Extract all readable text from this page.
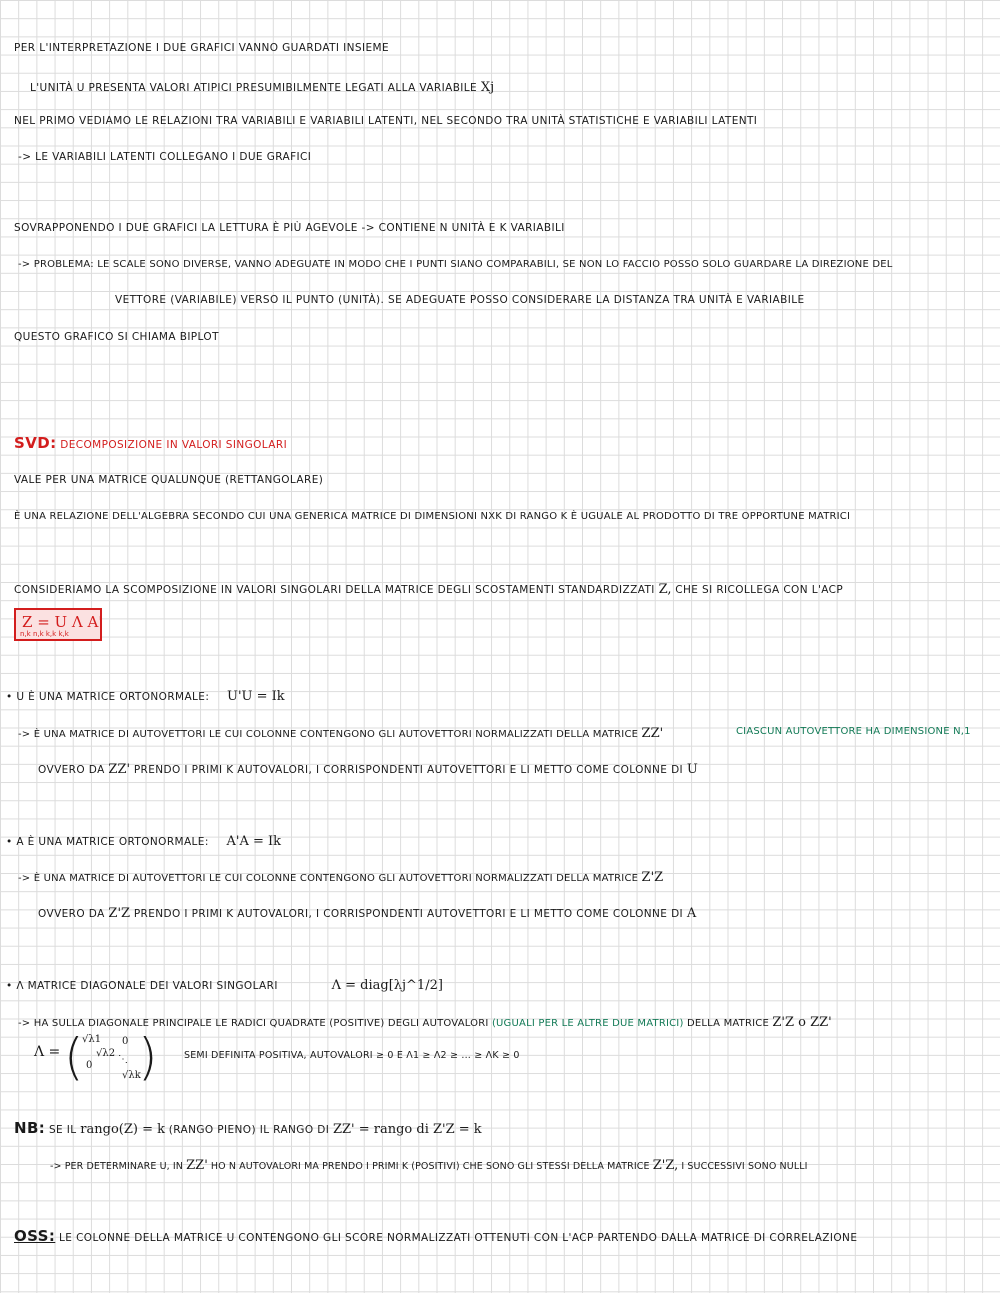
PER L'INTERPRETAZIONE I DUE GRAFICI VANNO GUARDATI INSIEME
L'UNITÀ U PRESENTA VALORI ATIPICI PRESUMIBILMENTE LEGATI ALLA VARIABILE Xj
NEL PRIMO VEDIAMO LE RELAZIONI TRA VARIABILI E VARIABILI LATENTI, NEL SECONDO TRA UNITÀ STATISTICHE E VARIABILI LATENTI
-> LE VARIABILI LATENTI COLLEGANO I DUE GRAFICI
SOVRAPPONENDO I DUE GRAFICI LA LETTURA È PIÙ AGEVOLE -> CONTIENE N UNITÀ E K VARIABILI
-> PROBLEMA: LE SCALE SONO DIVERSE, VANNO ADEGUATE IN MODO CHE I PUNTI SIANO COMPARABILI, SE NON LO FACCIO POSSO SOLO GUARDARE LA DIREZIONE DEL
VETTORE (VARIABILE) VERSO IL PUNTO (UNITÀ). SE ADEGUATE POSSO CONSIDERARE LA DISTANZA TRA UNITÀ E VARIABILE
QUESTO GRAFICO SI CHIAMA BIPLOT
SVD: DECOMPOSIZIONE IN VALORI SINGOLARI
VALE PER UNA MATRICE QUALUNQUE (RETTANGOLARE)
È UNA RELAZIONE DELL'ALGEBRA SECONDO CUI UNA GENERICA MATRICE DI DIMENSIONI NXK DI RANGO K È UGUALE AL PRODOTTO DI TRE OPPORTUNE MATRICI
CONSIDERIAMO LA SCOMPOSIZIONE IN VALORI SINGOLARI DELLA MATRICE DEGLI SCOSTAMENTI STANDARDIZZATI Z, CHE SI RICOLLEGA CON L'ACP
Z = U Λ A'
n,k n,k k,k k,k
• U È UNA MATRICE ORTONORMALE: U'U = Ik
-> È UNA MATRICE DI AUTOVETTORI LE CUI COLONNE CONTENGONO GLI AUTOVETTORI NORMALIZZATI DELLA MATRICE ZZ'	CIASCUN AUTOVETTORE HA DIMENSIONE N,1
OVVERO DA ZZ' PRENDO I PRIMI K AUTOVALORI, I CORRISPONDENTI AUTOVETTORI E LI METTO COME COLONNE DI U
• A È UNA MATRICE ORTONORMALE: A'A = Ik
-> È UNA MATRICE DI AUTOVETTORI LE CUI COLONNE CONTENGONO GLI AUTOVETTORI NORMALIZZATI DELLA MATRICE Z'Z
OVVERO DA Z'Z PRENDO I PRIMI K AUTOVALORI, I CORRISPONDENTI AUTOVETTORI E LI METTO COME COLONNE DI A
• Λ MATRICE DIAGONALE DEI VALORI SINGOLARI	Λ = diag[λj^1/2]
-> HA SULLA DIAGONALE PRINCIPALE LE RADICI QUADRATE (POSITIVE) DEGLI AUTOVALORI (UGUALI PER LE ALTRE DUE MATRICI) DELLA MATRICE Z'Z o ZZ'
Λ = (
√λ1 0
√λ2
⋱
0
√λk
)	SEMI DEFINITA POSITIVA, AUTOVALORI ≥ 0 E Λ1 ≥ Λ2 ≥ ... ≥ ΛK ≥ 0
NB: SE IL rango(Z) = k (RANGO PIENO) IL RANGO DI ZZ' = rango di Z'Z = k
-> PER DETERMINARE U, IN ZZ' HO N AUTOVALORI MA PRENDO I PRIMI K (POSITIVI) CHE SONO GLI STESSI DELLA MATRICE Z'Z, I SUCCESSIVI SONO NULLI
OSS: LE COLONNE DELLA MATRICE U CONTENGONO GLI SCORE NORMALIZZATI OTTENUTI CON L'ACP PARTENDO DALLA MATRICE DI CORRELAZIONE
